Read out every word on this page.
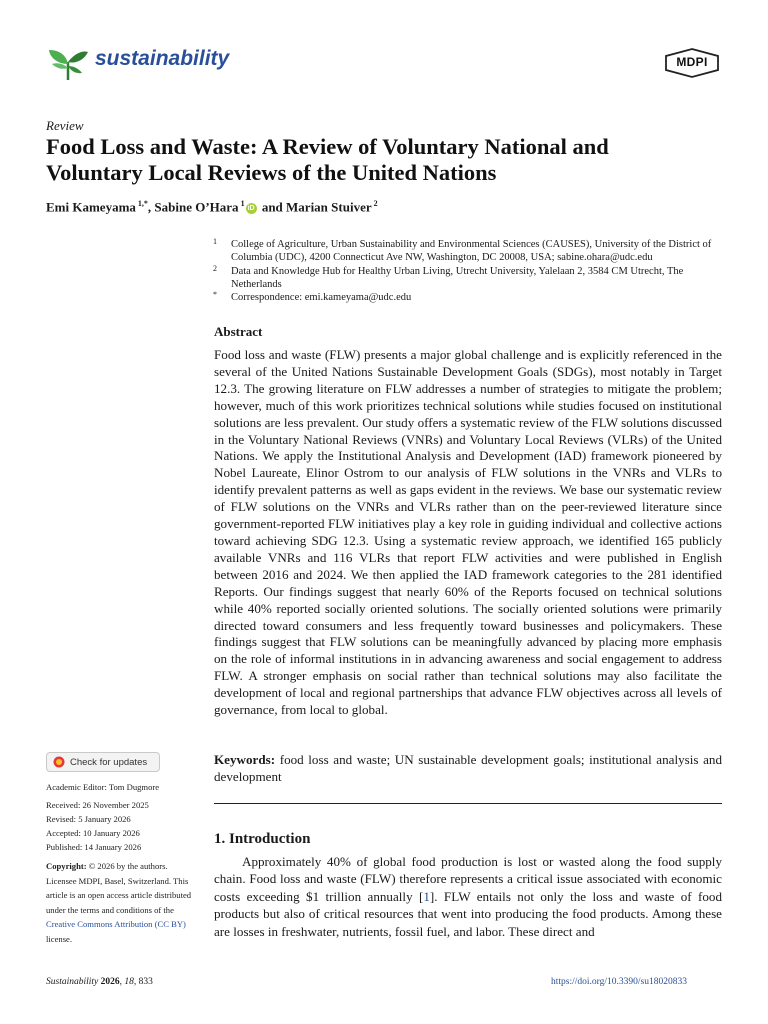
sustainability	MDPI
Review
Food Loss and Waste: A Review of Voluntary National and Voluntary Local Reviews of the United Nations
Emi Kameyama $^{1,*}$, Sabine O’Hara $^1$iD and Marian Stuiver $^2$
1 College of Agriculture, Urban Sustainability and Environmental Sciences (CAUSES), University of the District of Columbia (UDC), 4200 Connecticut Ave NW, Washington, DC 20008, USA; sabine.ohara@udc.edu
2 Data and Knowledge Hub for Healthy Urban Living, Utrecht University, Yalelaan 2, 3584 CM Utrecht, The Netherlands
* Correspondence: emi.kameyama@udc.edu
Abstract

Food loss and waste (FLW) presents a major global challenge and is explicitly referenced in the several of the United Nations Sustainable Development Goals (SDGs), most notably in Target 12.3. The growing literature on FLW addresses a number of strategies to mitigate the problem; however, much of this work prioritizes technical solutions while studies focused on institutional solutions are less prevalent. Our study offers a systematic review of the FLW solutions discussed in the Voluntary National Reviews (VNRs) and Voluntary Local Reviews (VLRs) of the United Nations. We apply the Institutional Analysis and Development (IAD) framework pioneered by Nobel Laureate, Elinor Ostrom to our analysis of FLW solutions in the VNRs and VLRs to identify prevalent patterns as well as gaps evident in the reviews. We base our systematic review of FLW solutions on the VNRs and VLRs rather than on the peer-reviewed literature since government-reported FLW initiatives play a key role in guiding individual and collective actions toward achieving SDG 12.3. Using a systematic review approach, we identified 165 publicly available VNRs and 116 VLRs that report FLW activities and were published in English between 2016 and 2024. We then applied the IAD framework categories to the 281 identified Reports. Our findings suggest that nearly 60% of the Reports focused on technical solutions while 40% reported socially oriented solutions. The socially oriented solutions were primarily directed toward consumers and less frequently toward businesses and policymakers. These findings suggest that FLW solutions can be meaningfully advanced by placing more emphasis on the role of informal institutions in in advancing awareness and social engagement to address FLW. A stronger emphasis on social rather than technical solutions may also facilitate the development of local and regional partnerships that advance FLW objectives across all levels of governance, from local to global.

Keywords: food loss and waste; UN sustainable development goals; institutional analysis and development
1. Introduction

Approximately 40% of global food production is lost or wasted along the food supply chain. Food loss and waste (FLW) therefore represents a critical issue associated with economic costs exceeding $1 trillion annually [1]. FLW entails not only the loss and waste of food products but also of critical resources that went into producing the food products. Among these are losses in freshwater, nutrients, fossil fuel, and labor. These direct and

Check for updates
Academic Editor: Tom Dugmore
Received: 26 November 2025
Revised: 5 January 2026
Accepted: 10 January 2026
Published: 14 January 2026

Copyright: © 2026 by the authors. Licensee MDPI, Basel, Switzerland. This article is an open access article distributed under the terms and conditions of the Creative Commons Attribution (CC BY) license.

Sustainability 2026, 18, 833	https://doi.org/10.3390/su18020833
